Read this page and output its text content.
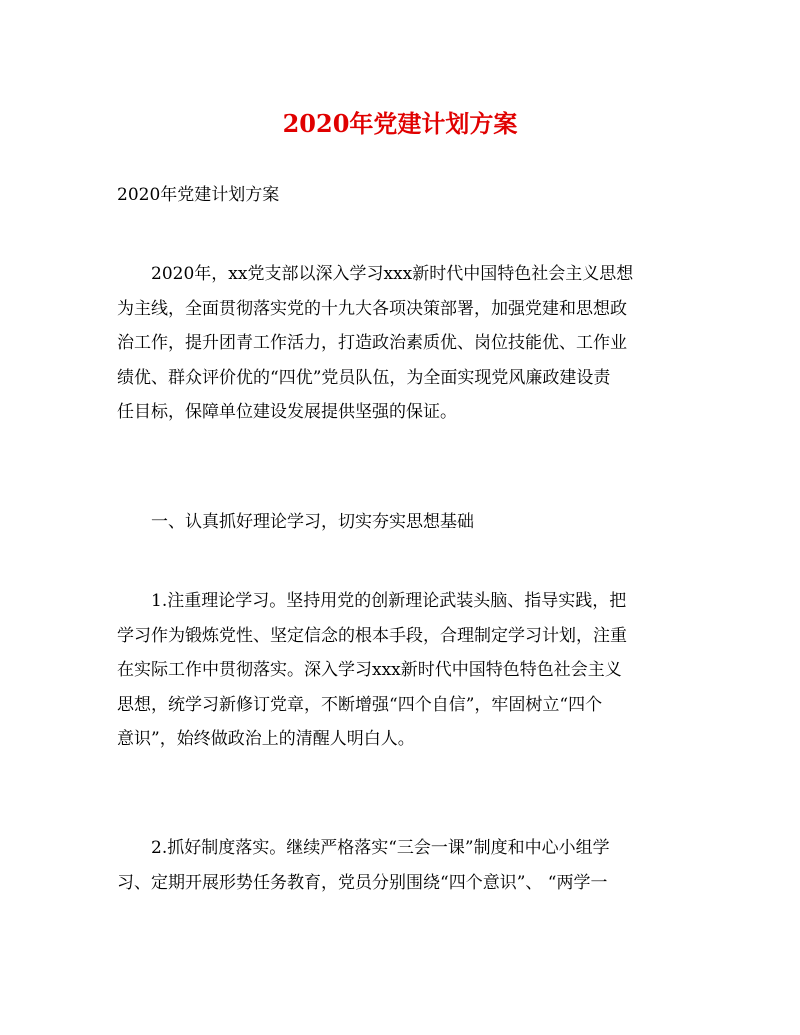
2020年党建计划方案
2020年党建计划方案
2020年，xx党支部以深入学习xxx新时代中国特色社会主义思想
为主线，全面贯彻落实党的十九大各项决策部署，加强党建和思想政
治工作，提升团青工作活力，打造政治素质优、岗位技能优、工作业
绩优、群众评价优的“四优”党员队伍，为全面实现党风廉政建设责
任目标，保障单位建设发展提供坚强的保证。
一、认真抓好理论学习，切实夯实思想基础
1.注重理论学习。坚持用党的创新理论武装头脑、指导实践，把
学习作为锻炼党性、坚定信念的根本手段，合理制定学习计划，注重
在实际工作中贯彻落实。深入学习xxx新时代中国特色特色社会主义
思想，统学习新修订党章，不断增强“四个自信”，牢固树立“四个
意识”，始终做政治上的清醒人明白人。
2.抓好制度落实。继续严格落实“三会一课”制度和中心小组学
习、定期开展形势任务教育，党员分别围绕“四个意识”、 “两学一
